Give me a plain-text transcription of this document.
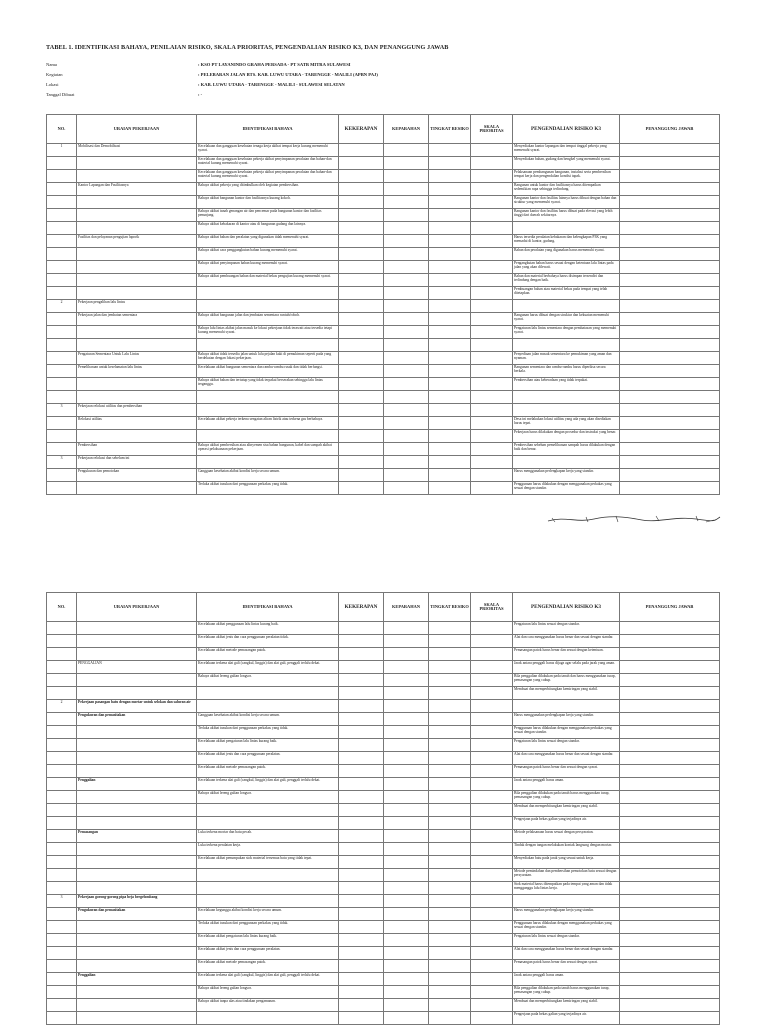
TABEL 1. IDENTIFIKASI BAHAYA, PENILAIAN RISIKO, SKALA PRIORITAS, PENGENDALIAN RISIKO K3, DAN PENANGGUNG JAWAB
Nama	: KSO PT LAYANINDO GRAHA PERSADA - PT SATB MITRA SULAWESI
Kegiatan	: PELEBARAN JALAN BTS. KAB. LUWU UTARA - TARENGGE - MALILI (APBN PAJ)
Lokasi	: KAB. LUWU UTARA - TARENGGE - MALILI - SULAWESI SELATAN
Tanggal Dibuat	: -
NO.	URAIAN PEKERJAAN	IDENTIFIKASI BAHAYA	KEKERAPAN	KEPARAHAN	TINGKAT RESIKO	SKALA PRIORITAS	PENGENDALIAN RISIKO K3	PENANGGUNG JAWAB
1	Mobilisasi dan Demobilisasi	Kecelakaan dan gangguan kesehatan tenaga kerja akibat tempat kerja kurang memenuhi syarat.					Menyediakan kantor lapangan dan tempat tinggal pekerja yang memenuhi syarat.	
		Kecelakaan dan gangguan kesehatan pekerja akibat penyimpanan peralatan dan bahan-dan material kurang memenuhi syarat.					Menyediakan bahan, gudang dan bengkel yang memenuhi syarat.	
		Kecelakaan dan gangguan kesehatan pekerja akibat penyimpanan peralatan dan bahan-dan material kurang memenuhi syarat.					Pelaksanaan pembangunan bangunan, instalasi serta pembersihan tempat kerja dan pengendalian kondisi tapak.	
	Kantor Lapangan dan Fasilitasnya	Bahaya akibat pekerja yang ditimbulkan oleh kegiatan pembersihan.					Bangunan untuk kantor dan fasilitasnya harus ditempatkan sedemikian rupa sehingga terlindung.	
		Bahaya akibat bangunan kantor dan fasilitasnya kurang kokoh.					Bangunan kantor dan fasilitas lainnya harus dibuat dengan bahan dan struktur yang memenuhi syarat.	
		Bahaya akibat tanah genangan air dan pencemar pada bangunan kantor dan fasilitas penunjang.					Bangunan kantor dan fasilitas harus dibuat pada elevasi yang lebih tinggi dari daerah sekitarnya.	
		Bahaya akibat kebakaran di kantor atau di bangunan gudang dan lainnya.						
	Fasilitas dan pelayanan pengujian laporik	Bahaya akibat bahan dan peralatan yang digunakan tidak memenuhi syarat.					Harus tersedia peralatan kebakaran dan kelengkapan P3K yang memadai di kantor, gudang.	
		Bahaya akibat cara penggangkutan bahan kurang memenuhi syarat.					Bahan dan peralatan yang digunakan harus memenuhi syarat.	
		Bahaya akibat penyimpanan bahan kurang memenuhi syarat.					Pengangkutan bahan harus sesuai dengan ketentuan lalu lintas pada jalan yang akan dilewati.	
		Bahaya akibat pembuangan bahan dan material bekas pengujian kurang memenuhi syarat.					Bahan dan material berbahaya harus disimpan tersendiri dan terlindung dengan baik.	
							Pembuangan bahan atau material bekas pada tempat yang telah ditetapkan.	
2	Pekerjaan pengalihan lalu lintas							
	Pekerjaan jalan dan jembatan sementara	Bahaya akibat bangunan jalan dan jembatan sementara runtuh/roboh.					Bangunan harus dibuat dengan struktur dan kekuatan memenuhi syarat.	
		Bahaya lalu lintas akibat jalan masuk ke lokasi pekerjaan tidak terawatt atau tersedia tetapi kurang memenuhi syarat.					Pengaturan lalu lintas sementara dengan pembatasan yang memenuhi syarat.	

	Pengaturan Sementara Untuk Lalu Lintas	Bahaya akibat tidak tersedia jalan untuk lalu pejalan kaki di pemukiman seperti pada yang berdekatan dengan lokasi pekerjaan.					Penyediaan jalan masuk sementara ke pemukiman yang aman dan nyaman.	
	Pemeliharaan untuk keselamatan lalu lintas	Kecelakaan akibat bangunan sementara dan rambu-rambu rusak dan tidak berfungsi.					Bangunan sementara dan rambu-rambu harus diperiksa secara berkala.	
		Bahaya akibat bahan dan tertutup yang tidak terpakai berserakan sehingga lalu lintas terganggu.					Pembersihan atau keberadaan yang tidak terpakai.	

3	Pekerjaan relokasi utilitas dan pembersihan							
	Relokasi utilitas	Kecelakaan akibat pekerja terkena sengatan aliran listrik atau terkena gas berbahaya.					Desa ini melakukan lokasi utilitas yang ada yang akan disediakan harus tepat.	
							Pekerjaan harus dilakukan dengan prosedur dan instruksi yang benar.	
	Pembersihan	Bahaya akibat pembersihan atau alinyemen sisa bahan bangunan, kabel dan sampah akibat operasi pelaksanaan pekerjaan.					Pembersihan sebelum pemeliharaan sampah harus dilakukan dengan baik dan benar.	
3	Pekerjaan relokasi dan sebelum ini							
	Pengukuran dan pemotokan	Gangguan kesehatan akibat kondisi kerja secara umum.					Harus menggunakan perlengkapan kerja yang standar.	
		Terluka akibat tusukan dari penggunaan perkakas yang tidak.					Penggunaan harus dilakukan dengan menggunakan perkakas yang sesuai dengan standar.	
NO.	URAIAN PEKERJAAN	IDENTIFIKASI BAHAYA	KEKERAPAN	KEPARAHAN	TINGKAT RESIKO	SKALA PRIORITAS	PENGENDALIAN RISIKO K3	PENANGGUNG JAWAB
		Kecelakaan akibat penggunaan lalu lintas kurang baik.					Pengaturan lalu lintas sesuai dengan standar.	
		Kecelakaan akibat jenis dan cara penggunaan peralatan tidak.					Alat dan cara menggunakan harus benar dan sesuai dengan standar.	
		Kecelakaan akibat metode pemasangan patok.					Pemasangan patok harus benar dan sesuai dengan ketentuan.	
	PENGGALIAN	Kecelakaan terkena alat gali (cangkul, linggis) dan alat gali, penggali terlalu dekat.					Jarak antara penggali harus dijaga agar selalu pada jarak yang aman.	
		Bahaya akibat lereng galian longsor.					Bila penggalian dilakukan pada tanah dan harus menggunakan turap, pemasangan yang cukup.	
							Membuat dan memperhitungkan kemiringan yang stabil.	
2	Pekerjaan pasangan batu dengan mortar untuk selokan dan saluran air							
	Pengukuran dan pemasitakan	Gangguan kesehatan akibat kondisi kerja secara umum.					Harus menggunakan perlengkapan kerja yang standar.	
		Terluka akibat tusukan dari penggunaan perkakas yang tidak.					Penggunaan harus dilakukan dengan menggunakan perkakas yang sesuai dengan standar.	
		Kecelakaan akibat pengaturan lalu lintas kurang baik.					Pengaturan lalu lintas sesuai dengan standar.	
		Kecelakaan akibat jenis dan cara penggunaan peralatan.					Alat dan cara menggunakan harus benar dan sesuai dengan standar.	
		Kecelakaan akibat metode pemasangan patok.					Pemasangan patok harus benar dan sesuai dengan syarat.	
	Penggalian	Kecelakaan terkena alat gali (cangkul, linggis) dan alat gali, penggali terlalu dekat.					Jarak antara penggali harus aman.	
		Bahaya akibat lereng galian longsor.					Bila penggalian dilakukan pada tanah harus menggunakan turap, pemasangan yang cukup.	
							Membuat dan memperhitungkan kemiringan yang stabil.	
							Pengerjaan pada bekas galian yang terjadinya air.	
	Pemasangan	Luka terkena mortar dan batu pecah.					Metode pelaksanaan harus sesuai dengan persyaratan.	
		Luka terkena peralatan kerja.					Tindak dengan tangan melakukan kontak langsung dengan mortar.	
		Kecelakaan akibat penumpukan stok material tersemua batu yang tidak tepat.					Menyediakan batu pada jarak yang sesuai untuk kerja.	
							Metode pemindahan dan pembersihan pemotokan batu sesuai dengan persyaratan.	
							Stok material harus ditempatkan pada tempat yang aman dan tidak mengganggu lalu lintas kerja.	
3	Pekerjaan gorong-gorong pipa beja bergelombang							
	Pengukuran dan pemasitakan	Kecelakaan kegunggu akibat kondisi kerja secara umum.					Harus menggunakan perlengkapan kerja yang standar.	
		Terluka akibat tusukan dari penggunaan perkakas yang tidak.					Penggunaan harus dilakukan dengan menggunakan perkakas yang sesuai dengan standar.	
		Kecelakaan akibat pengaturan lalu lintas kurang baik.					Pengaturan lalu lintas sesuai dengan standar.	
		Kecelakaan akibat jenis dan cara penggunaan peralatan.					Alat dan cara menggunakan harus benar dan sesuai dengan standar.	
		Kecelakaan akibat metode pemasangan patok.					Pemasangan patok harus benar dan sesuai dengan syarat.	
	Penggalian	Kecelakaan terkena alat gali (cangkul, linggis) dan alat gali, penggali terlalu dekat.					Jarak antara penggali harus aman.	
		Bahaya akibat lereng galian longsor.					Bila penggalian dilakukan pada tanah harus menggunakan turap, pemasangan yang cukup.	
		Bahaya akibat tanpa alas atau tindakan pengamanan.					Membuat dan memperhitungkan kemiringan yang stabil.	
							Pengerjaan pada bekas galian yang terjadinya air.	
